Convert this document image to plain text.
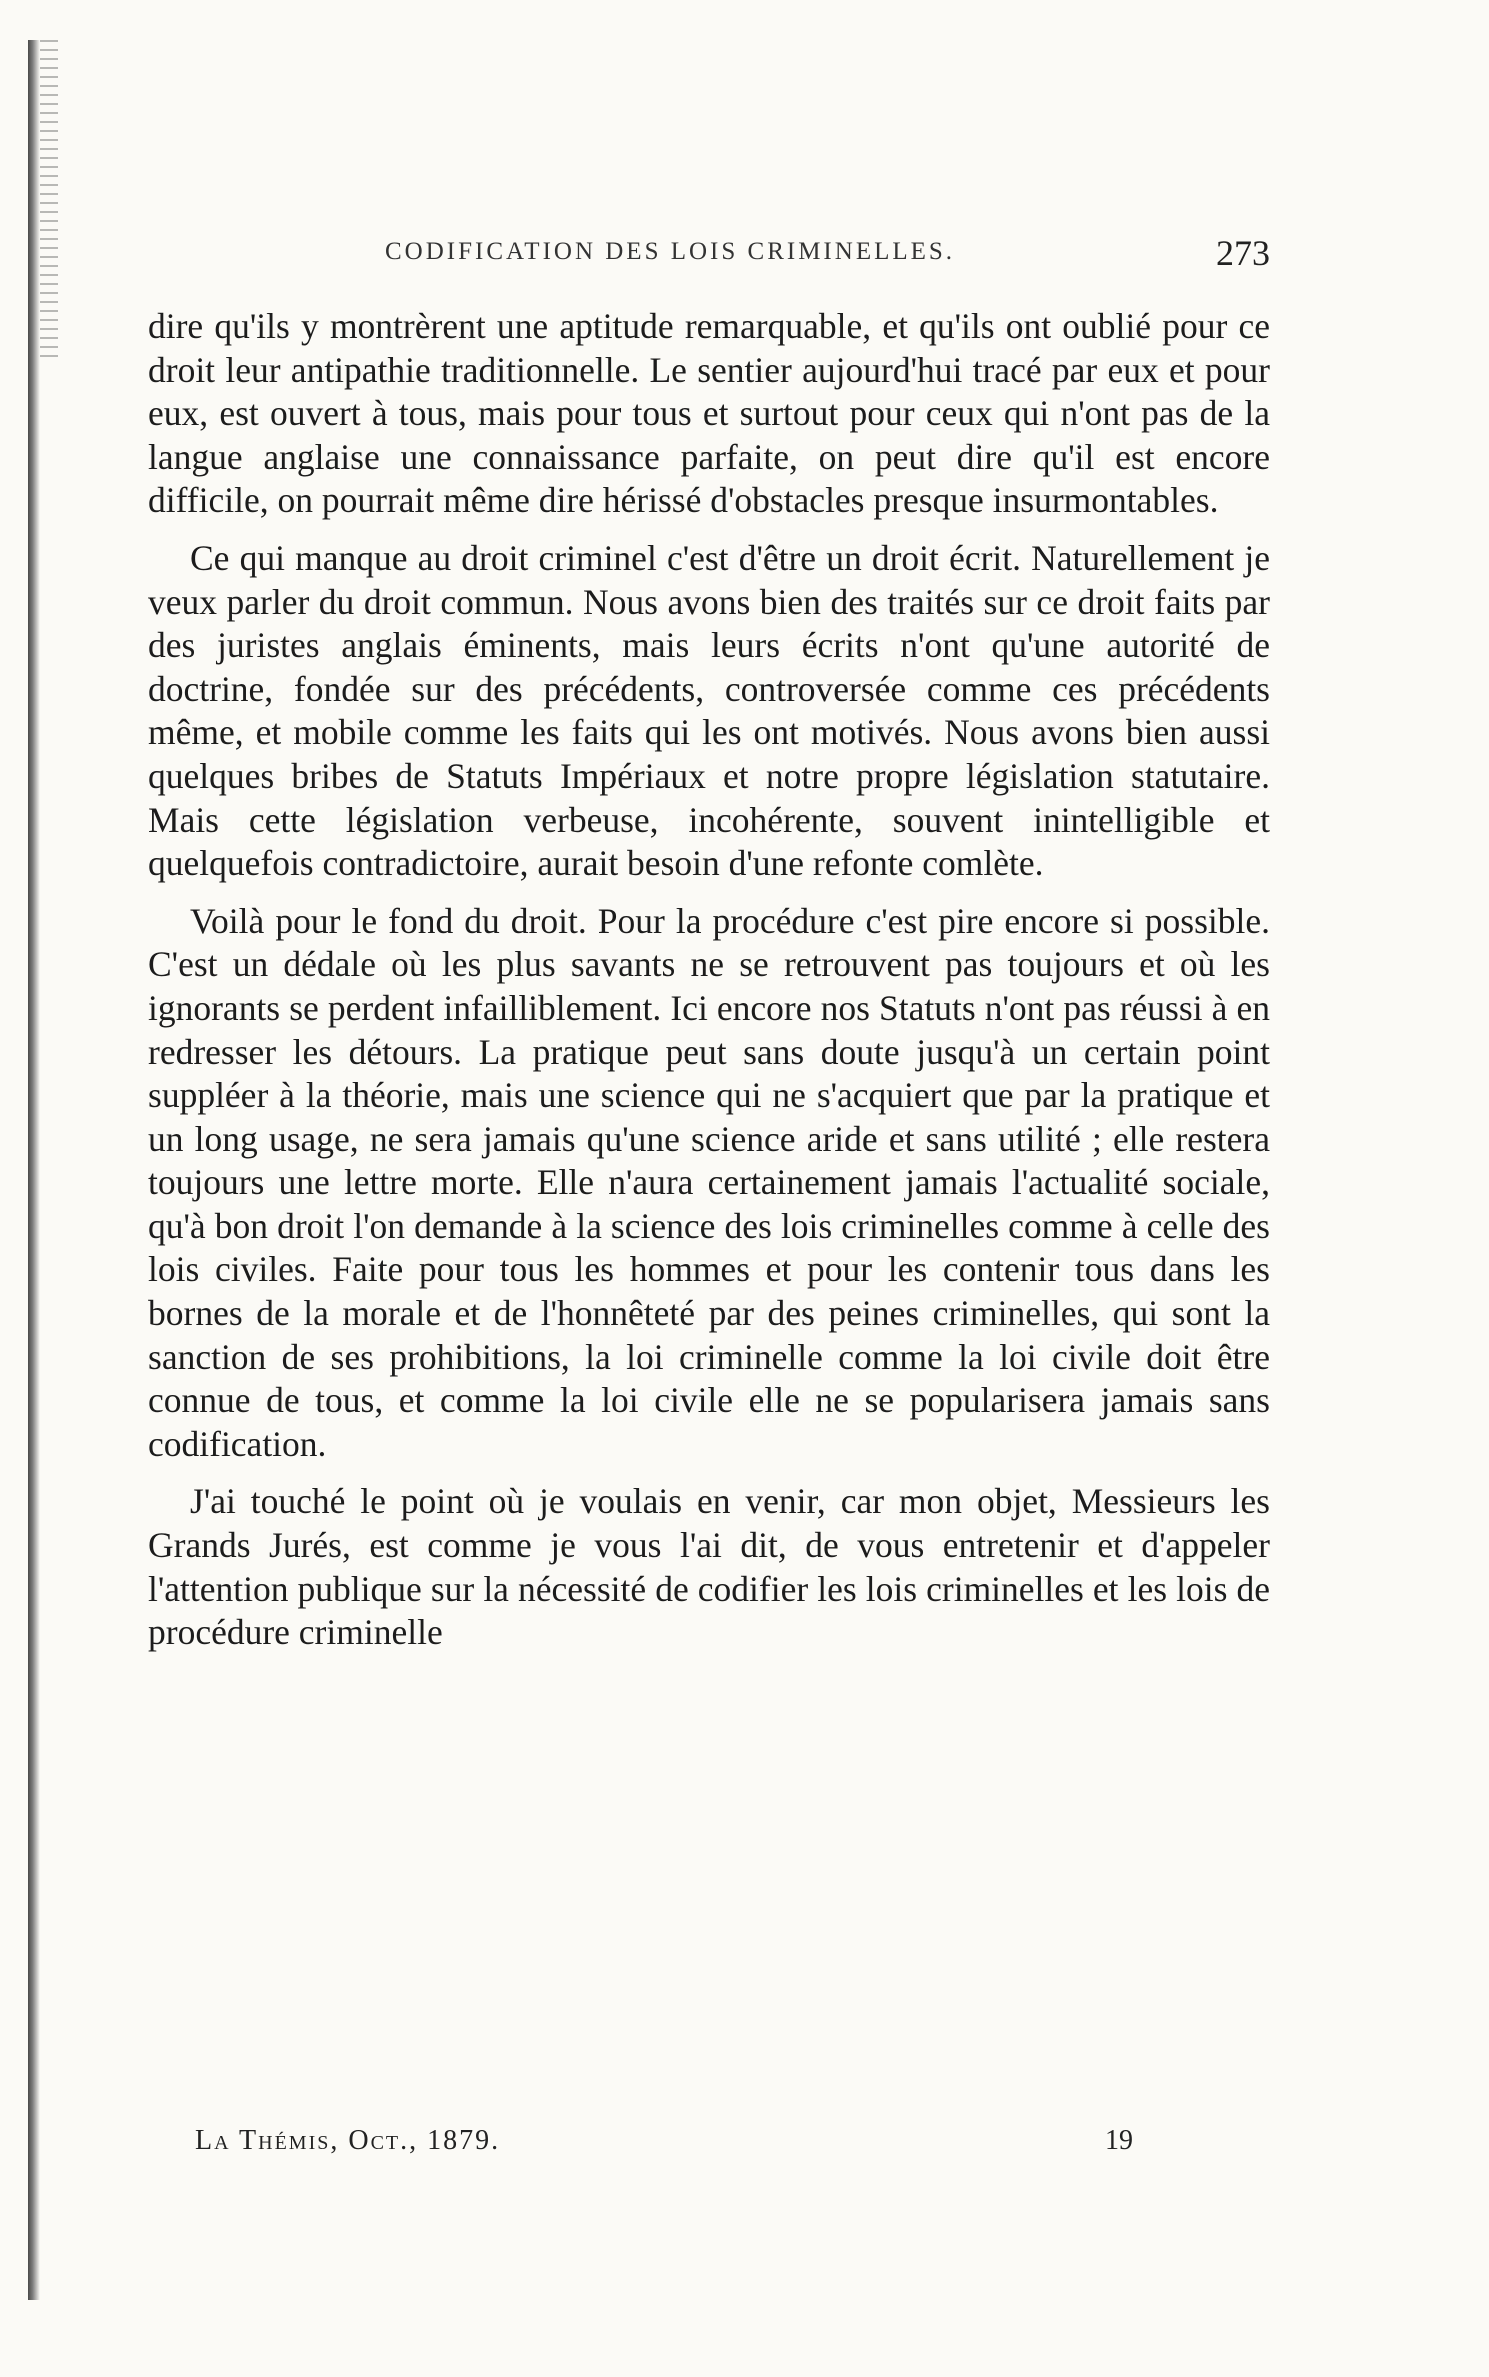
CODIFICATION DES LOIS CRIMINELLES.	273

dire qu'ils y montrèrent une aptitude remarquable, et qu'ils ont oublié pour ce droit leur antipathie traditionnelle. Le sentier aujourd'hui tracé par eux et pour eux, est ouvert à tous, mais pour tous et surtout pour ceux qui n'ont pas de la langue anglaise une connaissance parfaite, on peut dire qu'il est encore difficile, on pourrait même dire hérissé d'obstacles presque insurmontables.

Ce qui manque au droit criminel c'est d'être un droit écrit. Naturellement je veux parler du droit commun. Nous avons bien des traités sur ce droit faits par des juristes anglais éminents, mais leurs écrits n'ont qu'une autorité de doctrine, fondée sur des précédents, controversée comme ces précédents même, et mobile comme les faits qui les ont motivés. Nous avons bien aussi quelques bribes de Statuts Impériaux et notre propre législation statutaire. Mais cette législation verbeuse, incohérente, souvent inintelligible et quelquefois contradictoire, aurait besoin d'une refonte comlète.

Voilà pour le fond du droit. Pour la procédure c'est pire encore si possible. C'est un dédale où les plus savants ne se retrouvent pas toujours et où les ignorants se perdent infailliblement. Ici encore nos Statuts n'ont pas réussi à en redresser les détours. La pratique peut sans doute jusqu'à un certain point suppléer à la théorie, mais une science qui ne s'acquiert que par la pratique et un long usage, ne sera jamais qu'une science aride et sans utilité ; elle restera toujours une lettre morte. Elle n'aura certainement jamais l'actualité sociale, qu'à bon droit l'on demande à la science des lois criminelles comme à celle des lois civiles. Faite pour tous les hommes et pour les contenir tous dans les bornes de la morale et de l'honnêteté par des peines criminelles, qui sont la sanction de ses prohibitions, la loi criminelle comme la loi civile doit être connue de tous, et comme la loi civile elle ne se popularisera jamais sans codification.

J'ai touché le point où je voulais en venir, car mon objet, Messieurs les Grands Jurés, est comme je vous l'ai dit, de vous entretenir et d'appeler l'attention publique sur la nécessité de codifier les lois criminelles et les lois de procédure criminelle

La Thémis, Oct., 1879.	19
